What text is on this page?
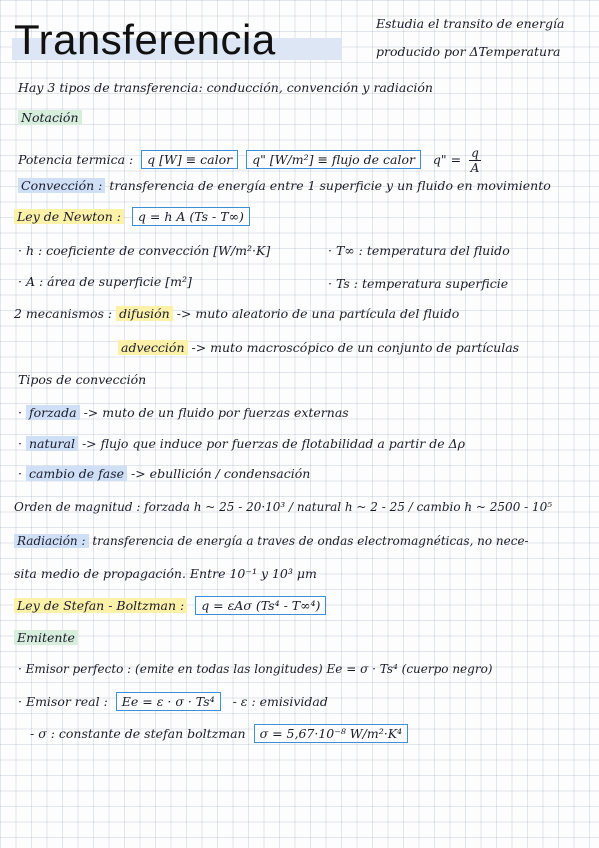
Transferencia	Estudia el transito de energía
producido por ΔTemperatura
Hay 3 tipos de transferencia: conducción, convención y radiación
Notación
Potencia termica : q [W] ≡ calor q" [W/m²] ≡ flujo de calor q" = $\frac{q}{A}$
Convección : transferencia de energía entre 1 superficie y un fluido en movimiento
Ley de Newton : q = h A (Ts - T∞)
· h : coeficiente de convección [W/m²·K]	· T∞ : temperatura del fluido
· A : área de superficie [m²]	· Ts : temperatura superficie
2 mecanismos : difusión -> muto aleatorio de una partícula del fluido
advección -> muto macroscópico de un conjunto de partículas
Tipos de convección
· forzada -> muto de un fluido por fuerzas externas
· natural -> flujo que induce por fuerzas de flotabilidad a partir de Δρ
· cambio de fase -> ebullición / condensación
Orden de magnitud : forzada h ~ 25 - 20·10³ / natural h ~ 2 - 25 / cambio h ~ 2500 - 10⁵
Radiación : transferencia de energía a traves de ondas electromagnéticas, no nece-
sita medio de propagación. Entre 10⁻¹ y 10³ μm
Ley de Stefan - Boltzman : q = εAσ (Ts⁴ - T∞⁴)
Emitente
· Emisor perfecto : (emite en todas las longitudes) Ee = σ · Ts⁴ (cuerpo negro)
· Emisor real : Ee = ε · σ · Ts⁴ - ε : emisividad
- σ : constante de stefan boltzman σ = 5,67·10⁻⁸ W/m²·K⁴
